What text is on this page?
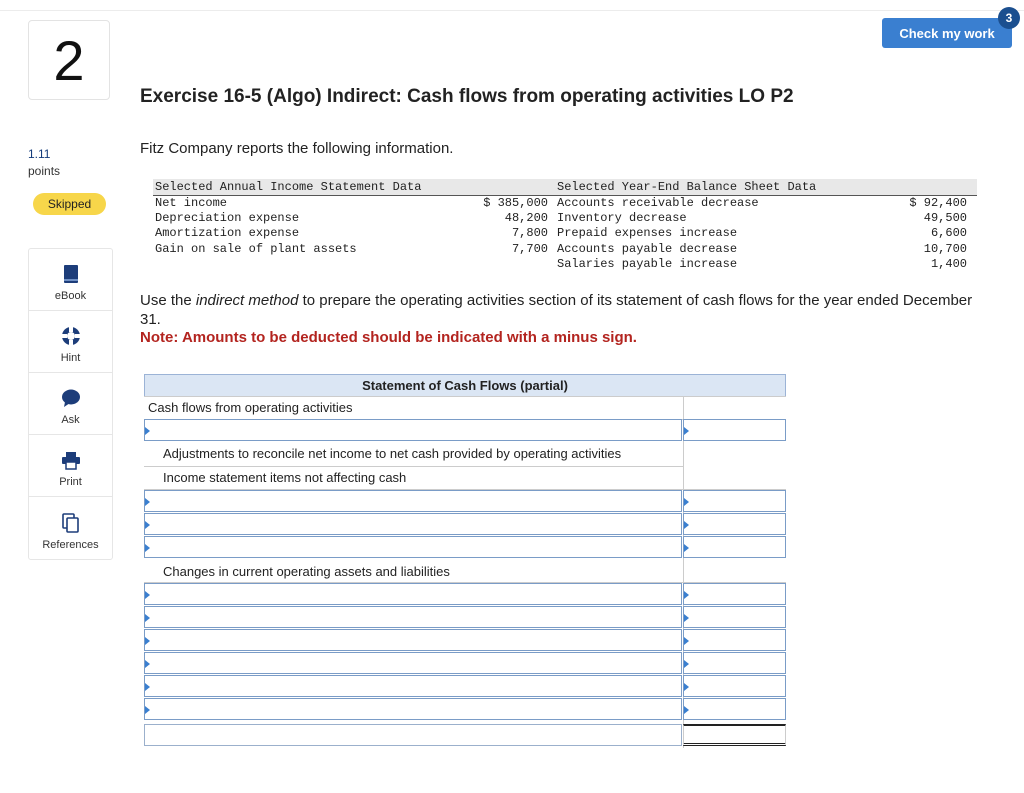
2
1.11
points
Skipped
eBook
Hint
Ask
Print
References
Check my work
3
Exercise 16-5 (Algo) Indirect: Cash flows from operating activities LO P2
Fitz Company reports the following information.
Selected Annual Income Statement Data	Selected Year-End Balance Sheet Data
Net income
Depreciation expense
Amortization expense
Gain on sale of plant assets
$ 385,000
48,200
7,800
7,700
Accounts receivable decrease
Inventory decrease
Prepaid expenses increase
Accounts payable decrease
Salaries payable increase
$ 92,400
49,500
6,600
10,700
1,400
Use the indirect method to prepare the operating activities section of its statement of cash flows for the year ended December 31.
Note: Amounts to be deducted should be indicated with a minus sign.
Statement of Cash Flows (partial)
Cash flows from operating activities
Adjustments to reconcile net income to net cash provided by operating activities
Income statement items not affecting cash
Changes in current operating assets and liabilities
